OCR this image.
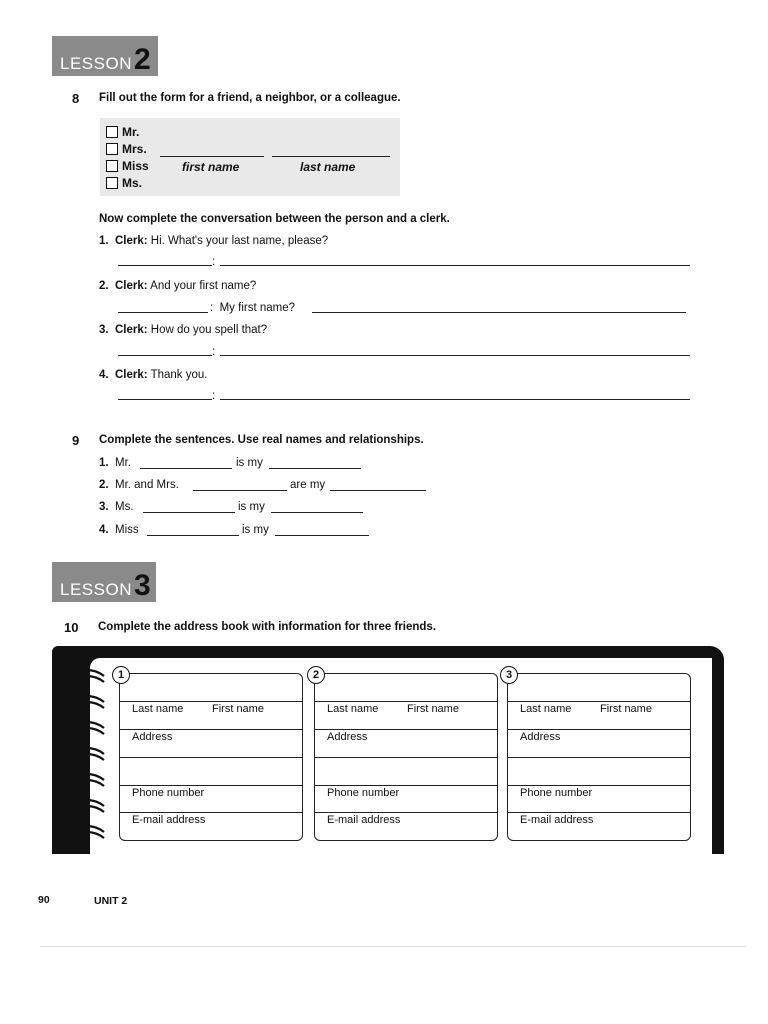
LESSON 2
8 Fill out the form for a friend, a neighbor, or a colleague.
Mr.
Mrs.
Miss
Ms.
first name	last name
Now complete the conversation between the person and a clerk.
1. Clerk: Hi. What's your last name, please?
:
2. Clerk: And your first name?
:  My first name?
3. Clerk: How do you spell that?
:
4. Clerk: Thank you.
:
9 Complete the sentences. Use real names and relationships.
1. Mr.	is my
2. Mr. and Mrs.	are my
3. Ms.	is my
4. Miss	is my
LESSON 3
10 Complete the address book with information for three friends.
1
Last name	First name
Address
Phone number
E-mail address
2
Last name	First name
Address
Phone number
E-mail address
3
Last name	First name
Address
Phone number
E-mail address
90	UNIT 2
